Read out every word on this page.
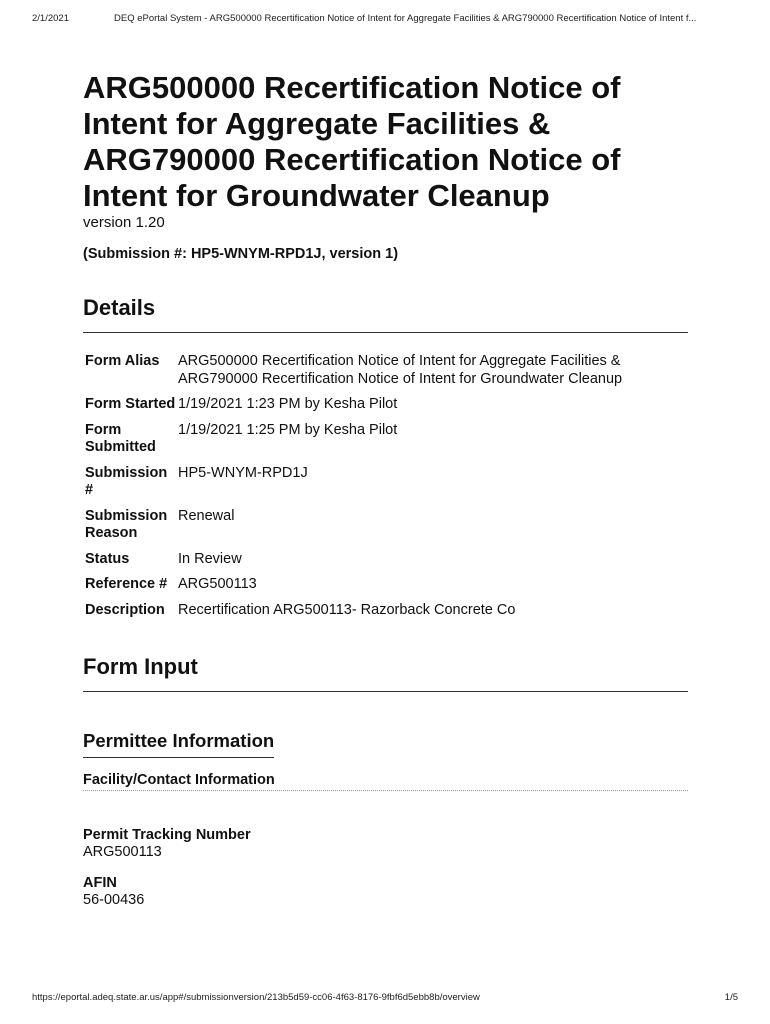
2/1/2021	DEQ ePortal System - ARG500000 Recertification Notice of Intent for Aggregate Facilities & ARG790000 Recertification Notice of Intent f...
ARG500000 Recertification Notice of Intent for Aggregate Facilities & ARG790000 Recertification Notice of Intent for Groundwater Cleanup
version 1.20
(Submission #: HP5-WNYM-RPD1J, version 1)
Details
Form Alias	ARG500000 Recertification Notice of Intent for Aggregate Facilities & ARG790000 Recertification Notice of Intent for Groundwater Cleanup
Form Started	1/19/2021 1:23 PM by Kesha Pilot
Form Submitted	1/19/2021 1:25 PM by Kesha Pilot
Submission #	HP5-WNYM-RPD1J
Submission Reason	Renewal
Status	In Review
Reference #	ARG500113
Description	Recertification ARG500113- Razorback Concrete Co
Form Input
Permittee Information
Facility/Contact Information
Permit Tracking Number
ARG500113
AFIN
56-00436
https://eportal.adeq.state.ar.us/app#/submissionversion/213b5d59-cc06-4f63-8176-9fbf6d5ebb8b/overview	1/5
